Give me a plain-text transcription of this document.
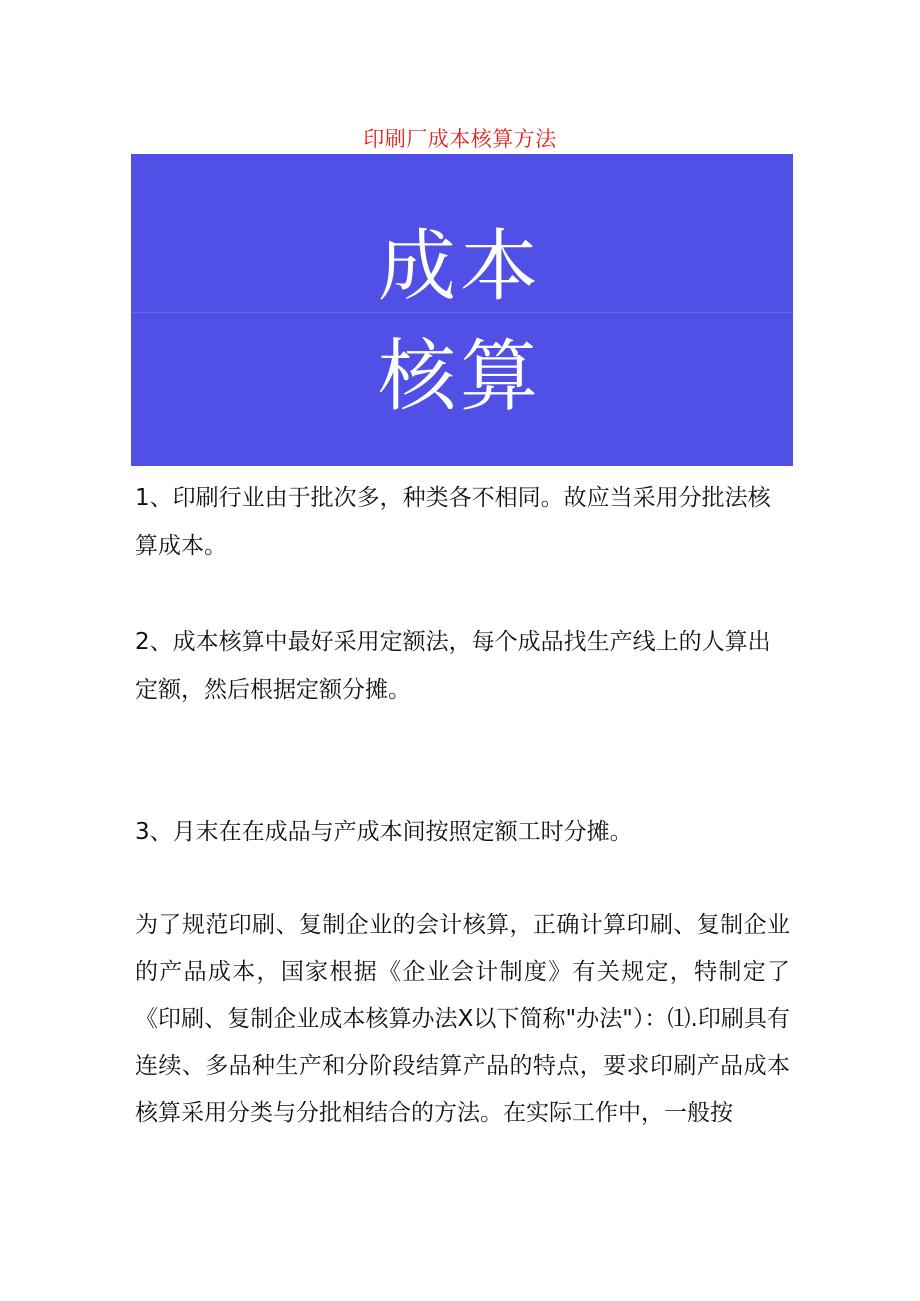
印刷厂成本核算方法
成本
核算

1、印刷行业由于批次多，种类各不相同。故应当采用分批法核算成本。

2、成本核算中最好采用定额法，每个成品找生产线上的人算出定额，然后根据定额分摊。

3、月末在在成品与产成本间按照定额工时分摊。

为了规范印刷、复制企业的会计核算，正确计算印刷、复制企业的产品成本，国家根据《企业会计制度》有关规定，特制定了《印刷、复制企业成本核算办法X以下简称"办法"）：⑴.印刷具有连续、多品种生产和分阶段结算产品的特点，要求印刷产品成本核算采用分类与分批相结合的方法。在实际工作中，一般按
